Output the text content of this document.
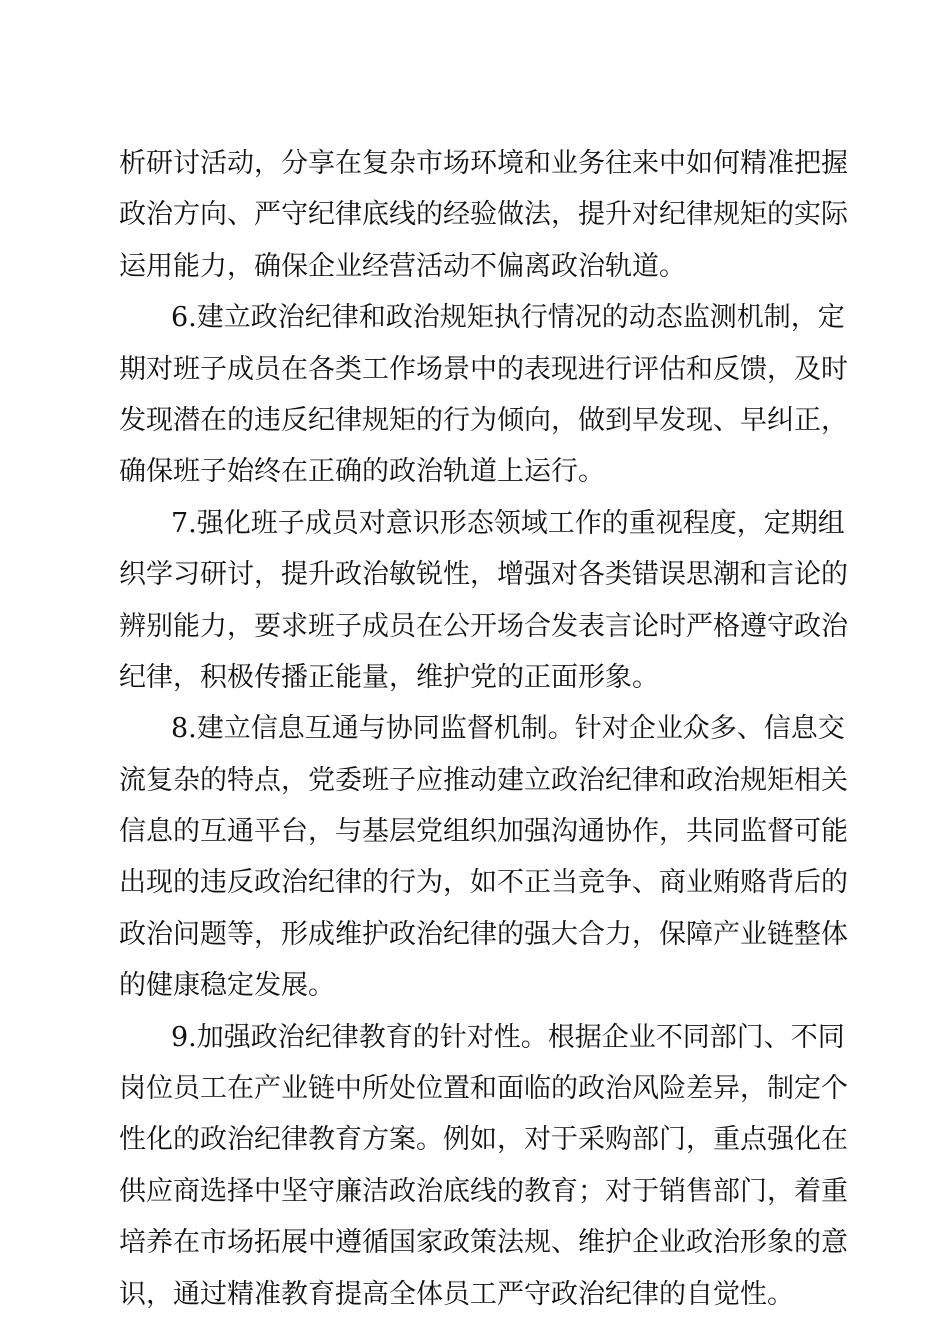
析研讨活动，分享在复杂市场环境和业务往来中如何精准把握
政治方向、严守纪律底线的经验做法，提升对纪律规矩的实际
运用能力，确保企业经营活动不偏离政治轨道。
6.建立政治纪律和政治规矩执行情况的动态监测机制，定
期对班子成员在各类工作场景中的表现进行评估和反馈，及时
发现潜在的违反纪律规矩的行为倾向，做到早发现、早纠正，
确保班子始终在正确的政治轨道上运行。
7.强化班子成员对意识形态领域工作的重视程度，定期组
织学习研讨，提升政治敏锐性，增强对各类错误思潮和言论的
辨别能力，要求班子成员在公开场合发表言论时严格遵守政治
纪律，积极传播正能量，维护党的正面形象。
8.建立信息互通与协同监督机制。针对企业众多、信息交
流复杂的特点，党委班子应推动建立政治纪律和政治规矩相关
信息的互通平台，与基层党组织加强沟通协作，共同监督可能
出现的违反政治纪律的行为，如不正当竞争、商业贿赂背后的
政治问题等，形成维护政治纪律的强大合力，保障产业链整体
的健康稳定发展。
9.加强政治纪律教育的针对性。根据企业不同部门、不同
岗位员工在产业链中所处位置和面临的政治风险差异，制定个
性化的政治纪律教育方案。例如，对于采购部门，重点强化在
供应商选择中坚守廉洁政治底线的教育；对于销售部门，着重
培养在市场拓展中遵循国家政策法规、维护企业政治形象的意
识，通过精准教育提高全体员工严守政治纪律的自觉性。
